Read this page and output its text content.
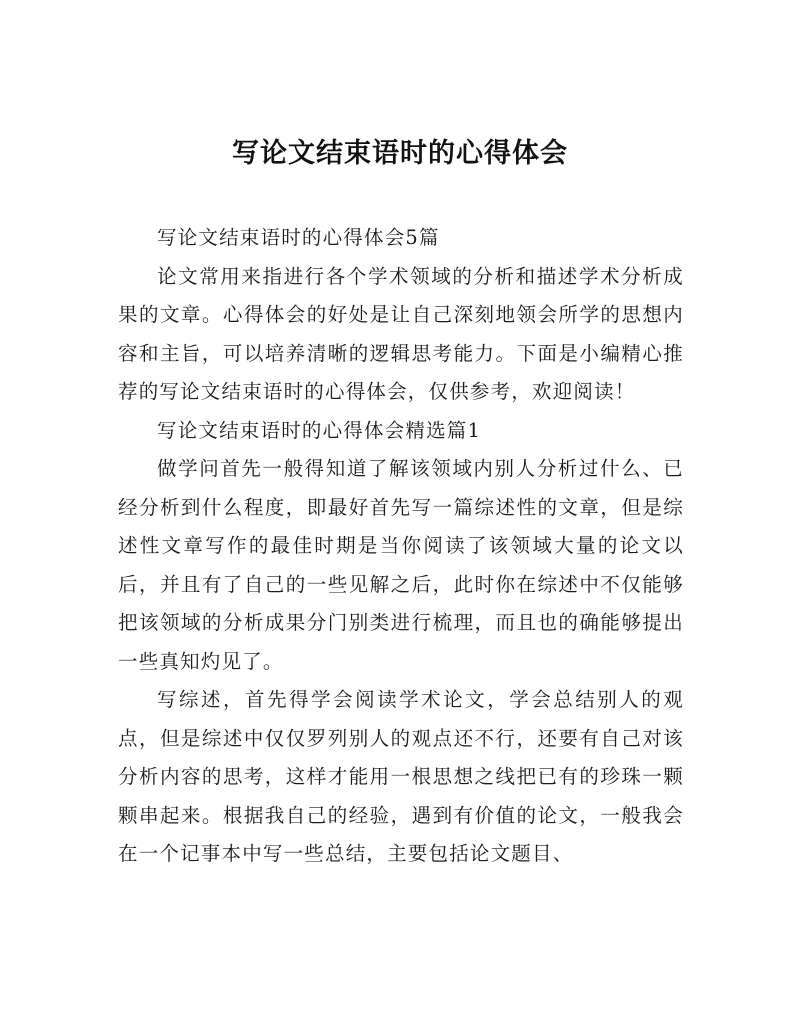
写论文结束语时的心得体会

写论文结束语时的心得体会5篇

论文常用来指进行各个学术领域的分析和描述学术分析成果的文章。心得体会的好处是让自己深刻地领会所学的思想内容和主旨，可以培养清晰的逻辑思考能力。下面是小编精心推荐的写论文结束语时的心得体会，仅供参考，欢迎阅读！

写论文结束语时的心得体会精选篇1

做学问首先一般得知道了解该领域内别人分析过什么、已经分析到什么程度，即最好首先写一篇综述性的文章，但是综述性文章写作的最佳时期是当你阅读了该领域大量的论文以后，并且有了自己的一些见解之后，此时你在综述中不仅能够把该领域的分析成果分门别类进行梳理，而且也的确能够提出一些真知灼见了。

写综述，首先得学会阅读学术论文，学会总结别人的观点，但是综述中仅仅罗列别人的观点还不行，还要有自己对该分析内容的思考，这样才能用一根思想之线把已有的珍珠一颗颗串起来。根据我自己的经验，遇到有价值的论文，一般我会在一个记事本中写一些总结，主要包括论文题目、
